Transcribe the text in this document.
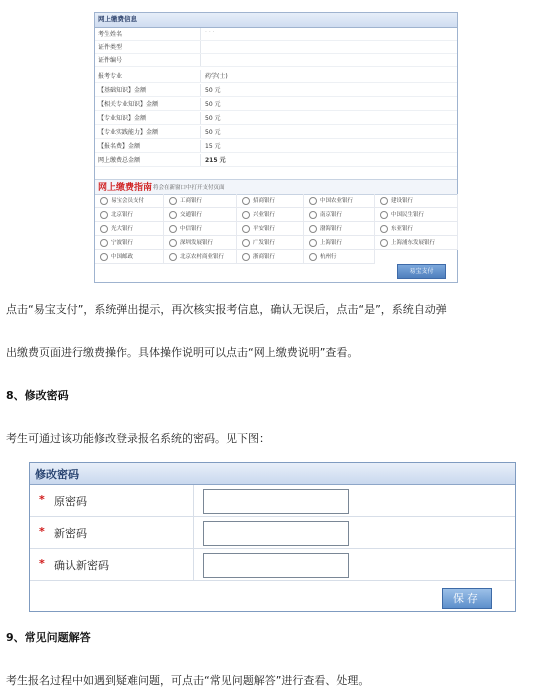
网上缴费信息
考生姓名	· · ·
证件类型
证件编号
报考专业	药学(士)
【基础知识】金额	50 元
【相关专业知识】金额	50 元
【专业知识】金额	50 元
【专业实践能力】金额	50 元
【报名费】金额	15 元
网上缴费总金额	215 元
网上缴费指南 将会在新窗口中打开支付页面
易宝会员支付	工商银行	招商银行	中国农业银行	建设银行
北京银行	交通银行	兴业银行	南京银行	中国民生银行
光大银行	中信银行	平安银行	渤海银行	东亚银行
宁波银行	深圳发展银行	广发银行	上海银行	上海浦东发展银行
中国邮政	北京农村商业银行	浙商银行	杭州行
易宝支付
点击“易宝支付”，系统弹出提示，再次核实报考信息，确认无误后，点击“是”，系统自动弹
出缴费页面进行缴费操作。具体操作说明可以点击“网上缴费说明”查看。
8、修改密码
考生可通过该功能修改登录报名系统的密码。见下图：
修改密码
* 原密码
* 新密码
* 确认新密码
保存
9、常见问题解答
考生报名过程中如遇到疑难问题，可点击“常见问题解答”进行查看、处理。
